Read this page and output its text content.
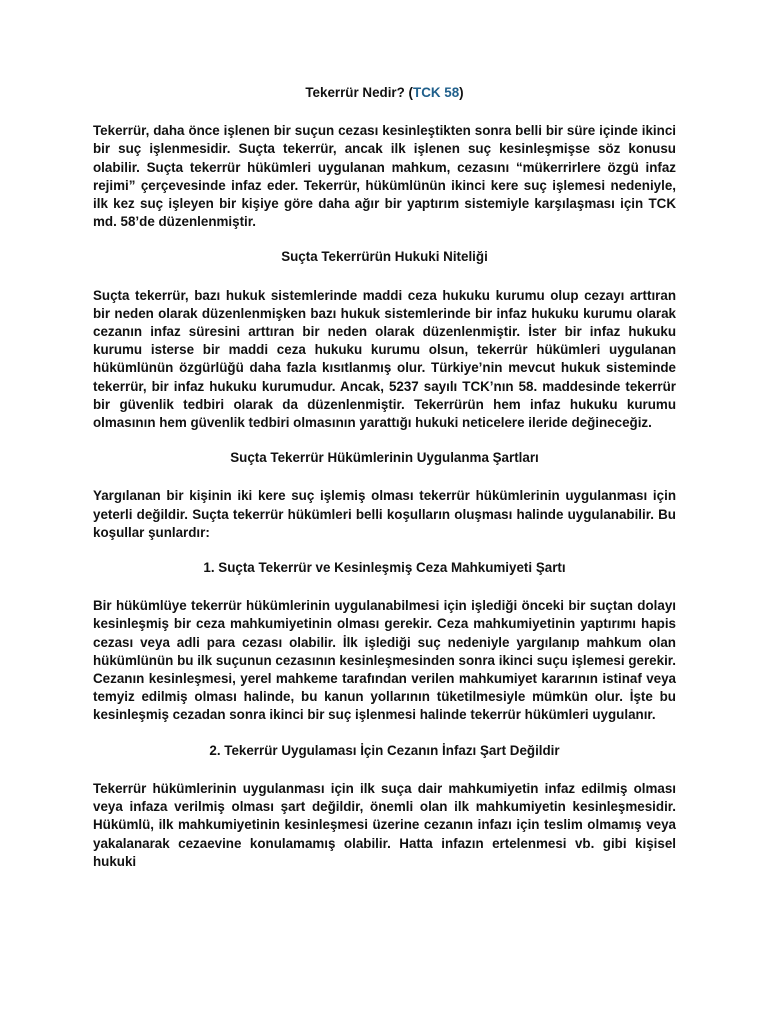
Tekerrür Nedir? (TCK 58)

Tekerrür, daha önce işlenen bir suçun cezası kesinleştikten sonra belli bir süre içinde ikinci bir suç işlenmesidir. Suçta tekerrür, ancak ilk işlenen suç kesinleşmişse söz konusu olabilir. Suçta tekerrür hükümleri uygulanan mahkum, cezasını “mükerrirlere özgü infaz rejimi” çerçevesinde infaz eder. Tekerrür, hükümlünün ikinci kere suç işlemesi nedeniyle, ilk kez suç işleyen bir kişiye göre daha ağır bir yaptırım sistemiyle karşılaşması için TCK md. 58’de düzenlenmiştir.

Suçta Tekerrürün Hukuki Niteliği

Suçta tekerrür, bazı hukuk sistemlerinde maddi ceza hukuku kurumu olup cezayı arttıran bir neden olarak düzenlenmişken bazı hukuk sistemlerinde bir infaz hukuku kurumu olarak cezanın infaz süresini arttıran bir neden olarak düzenlenmiştir. İster bir infaz hukuku kurumu isterse bir maddi ceza hukuku kurumu olsun, tekerrür hükümleri uygulanan hükümlünün özgürlüğü daha fazla kısıtlanmış olur. Türkiye’nin mevcut hukuk sisteminde tekerrür, bir infaz hukuku kurumudur. Ancak, 5237 sayılı TCK’nın 58. maddesinde tekerrür bir güvenlik tedbiri olarak da düzenlenmiştir. Tekerrürün hem infaz hukuku kurumu olmasının hem güvenlik tedbiri olmasının yarattığı hukuki neticelere ileride değineceğiz.

Suçta Tekerrür Hükümlerinin Uygulanma Şartları

Yargılanan bir kişinin iki kere suç işlemiş olması tekerrür hükümlerinin uygulanması için yeterli değildir. Suçta tekerrür hükümleri belli koşulların oluşması halinde uygulanabilir. Bu koşullar şunlardır:

1. Suçta Tekerrür ve Kesinleşmiş Ceza Mahkumiyeti Şartı

Bir hükümlüye tekerrür hükümlerinin uygulanabilmesi için işlediği önceki bir suçtan dolayı kesinleşmiş bir ceza mahkumiyetinin olması gerekir. Ceza mahkumiyetinin yaptırımı hapis cezası veya adli para cezası olabilir. İlk işlediği suç nedeniyle yargılanıp mahkum olan hükümlünün bu ilk suçunun cezasının kesinleşmesinden sonra ikinci suçu işlemesi gerekir. Cezanın kesinleşmesi, yerel mahkeme tarafından verilen mahkumiyet kararının istinaf veya temyiz edilmiş olması halinde, bu kanun yollarının tüketilmesiyle mümkün olur. İşte bu kesinleşmiş cezadan sonra ikinci bir suç işlenmesi halinde tekerrür hükümleri uygulanır.

2. Tekerrür Uygulaması İçin Cezanın İnfazı Şart Değildir

Tekerrür hükümlerinin uygulanması için ilk suça dair mahkumiyetin infaz edilmiş olması veya infaza verilmiş olması şart değildir, önemli olan ilk mahkumiyetin kesinleşmesidir. Hükümlü, ilk mahkumiyetinin kesinleşmesi üzerine cezanın infazı için teslim olmamış veya yakalanarak cezaevine konulamamış olabilir. Hatta infazın ertelenmesi vb. gibi kişisel hukuki
